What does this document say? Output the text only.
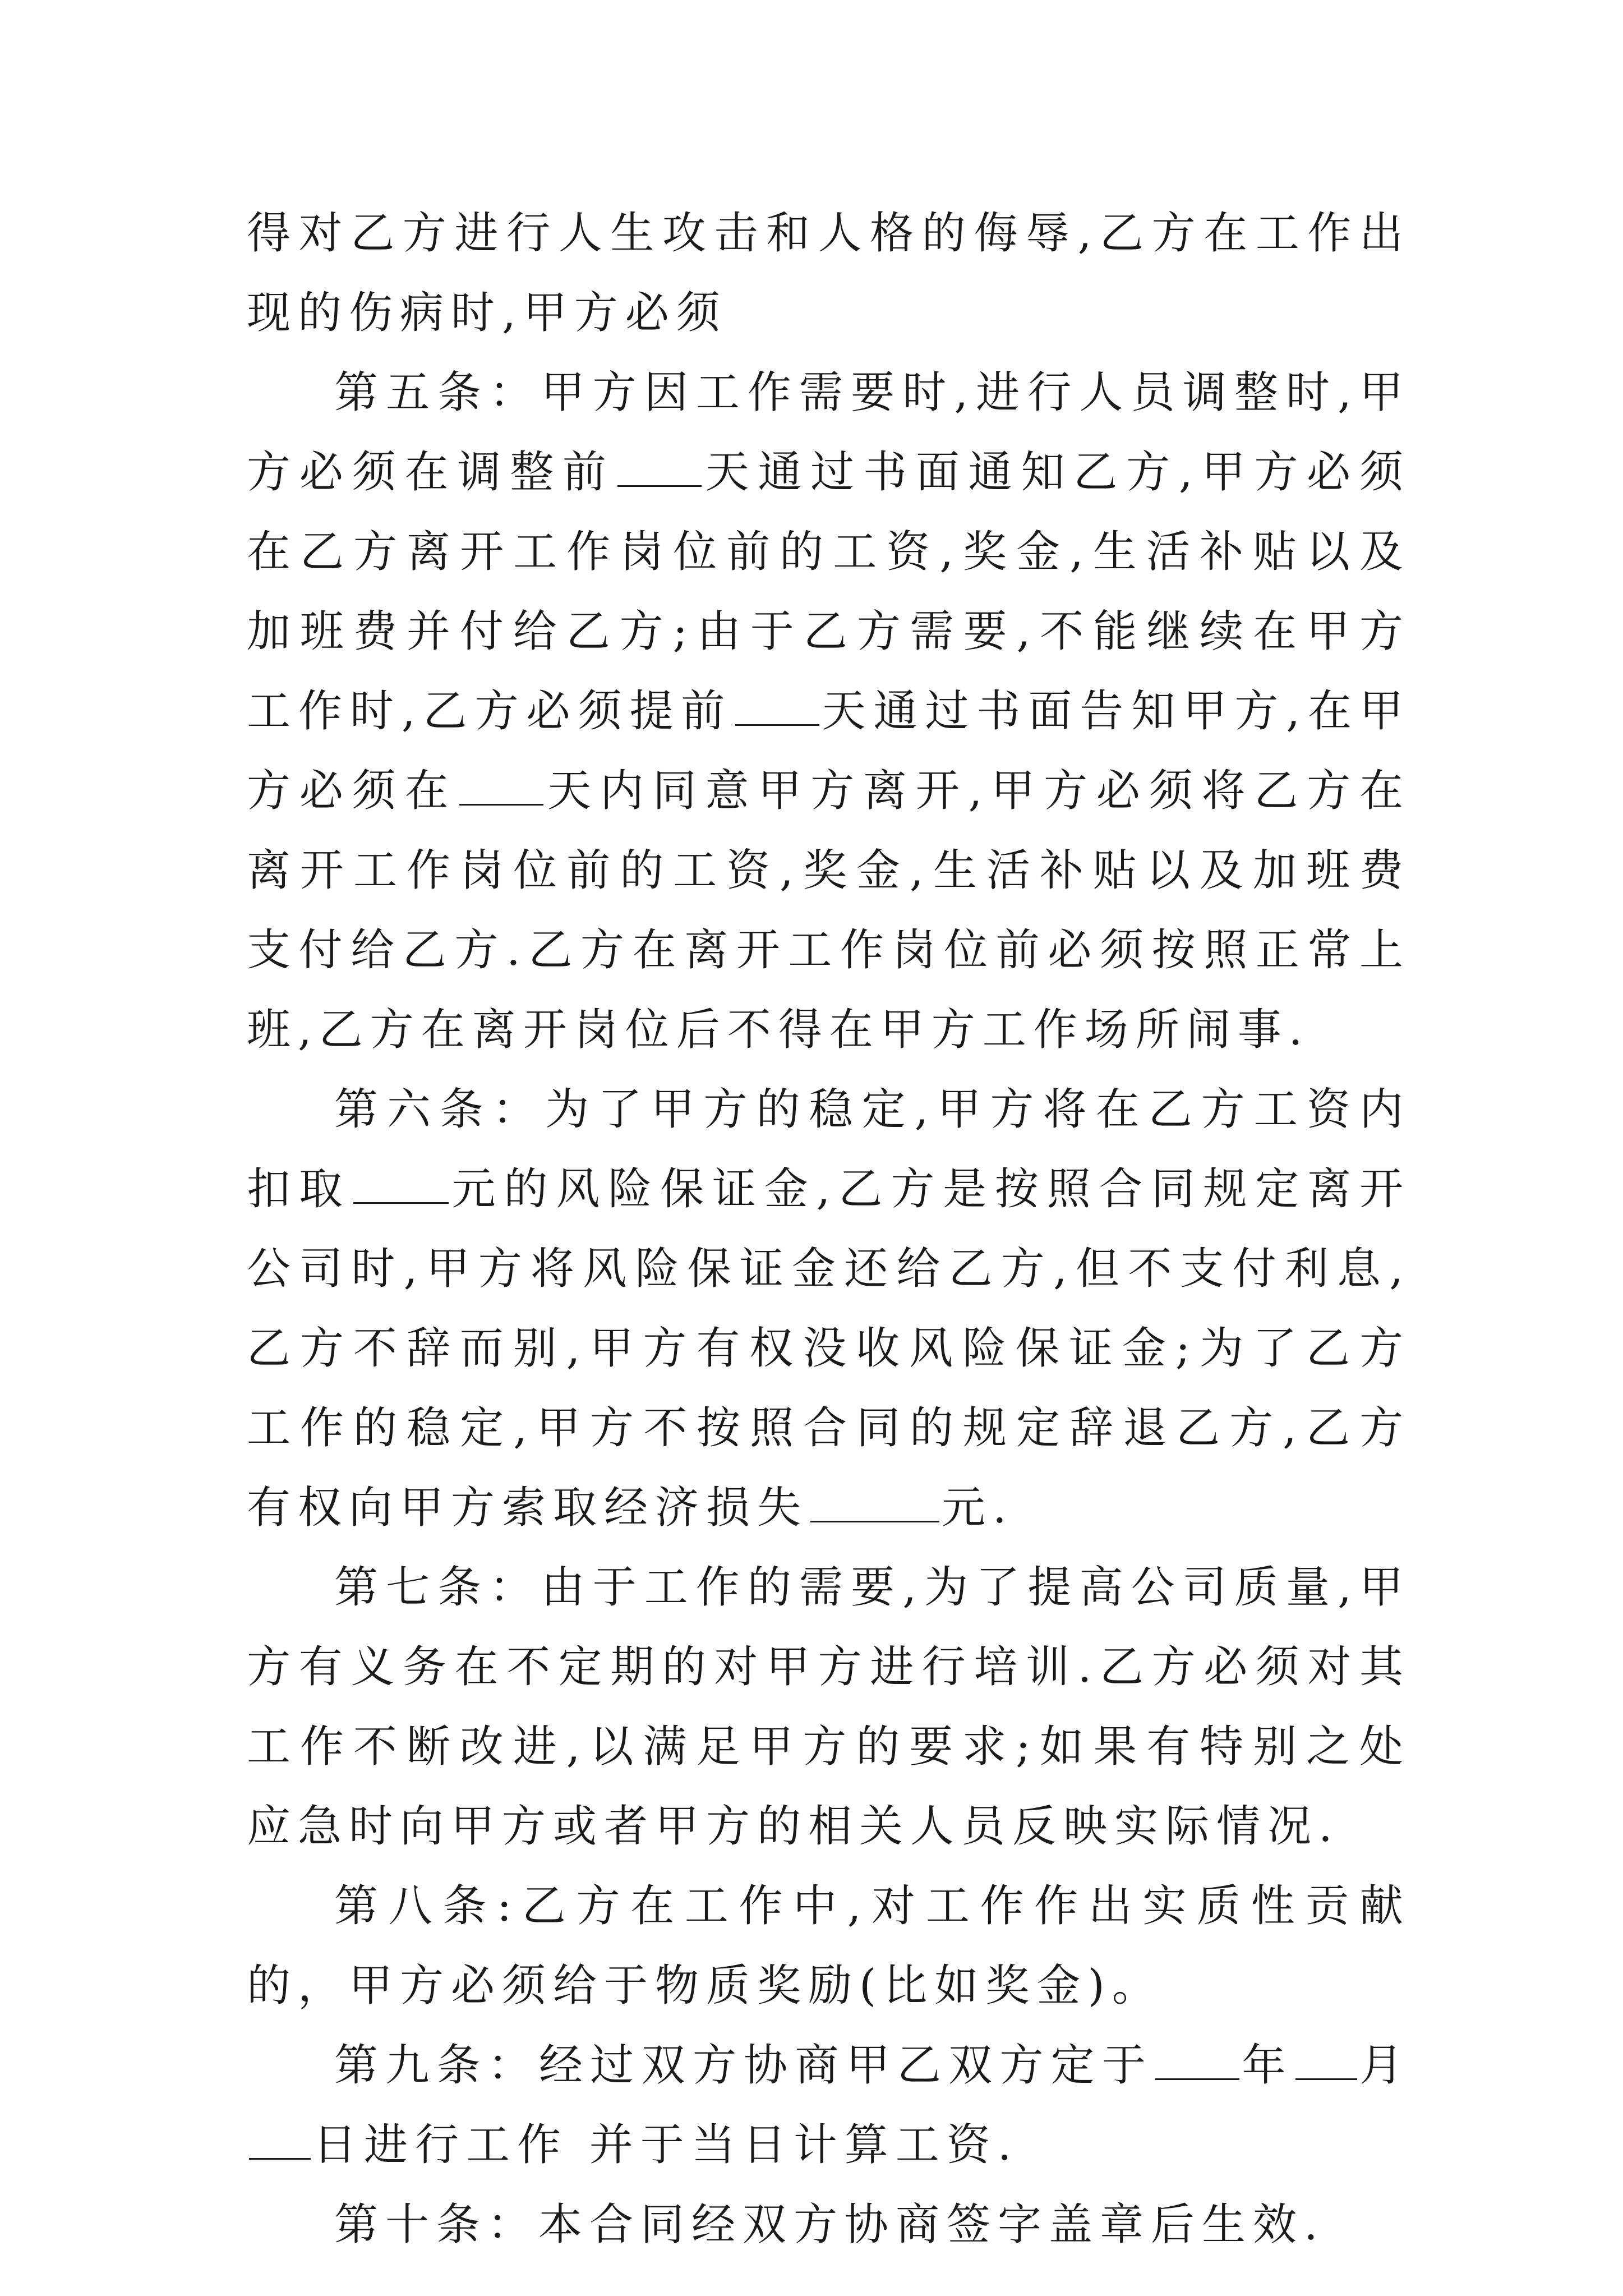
得对乙方进行人生攻击和人格的侮辱,乙方在工作出现的伤病时,甲方必须

第五条：甲方因工作需要时,进行人员调整时,甲方必须在调整前 天通过书面通知乙方,甲方必须在乙方离开工作岗位前的工资,奖金,生活补贴以及加班费并付给乙方;由于乙方需要,不能继续在甲方工作时,乙方必须提前 天通过书面告知甲方,在甲方必须在 天内同意甲方离开,甲方必须将乙方在离开工作岗位前的工资,奖金,生活补贴以及加班费支付给乙方.乙方在离开工作岗位前必须按照正常上班,乙方在离开岗位后不得在甲方工作场所闹事.

第六条：为了甲方的稳定,甲方将在乙方工资内扣取 元的风险保证金,乙方是按照合同规定离开公司时,甲方将风险保证金还给乙方,但不支付利息,乙方不辞而别,甲方有权没收风险保证金;为了乙方工作的稳定,甲方不按照合同的规定辞退乙方,乙方有权向甲方索取经济损失	元.

第七条：由于工作的需要,为了提高公司质量,甲方有义务在不定期的对甲方进行培训.乙方必须对其工作不断改进,以满足甲方的要求;如果有特别之处应急时向甲方或者甲方的相关人员反映实际情况.

第八条:乙方在工作中,对工作作出实质性贡献的，甲方必须给于物质奖励(比如奖金)。

第九条：经过双方协商甲乙双方定于 年 月日进行工作 并于当日计算工资.

第十条：本合同经双方协商签字盖章后生效.
